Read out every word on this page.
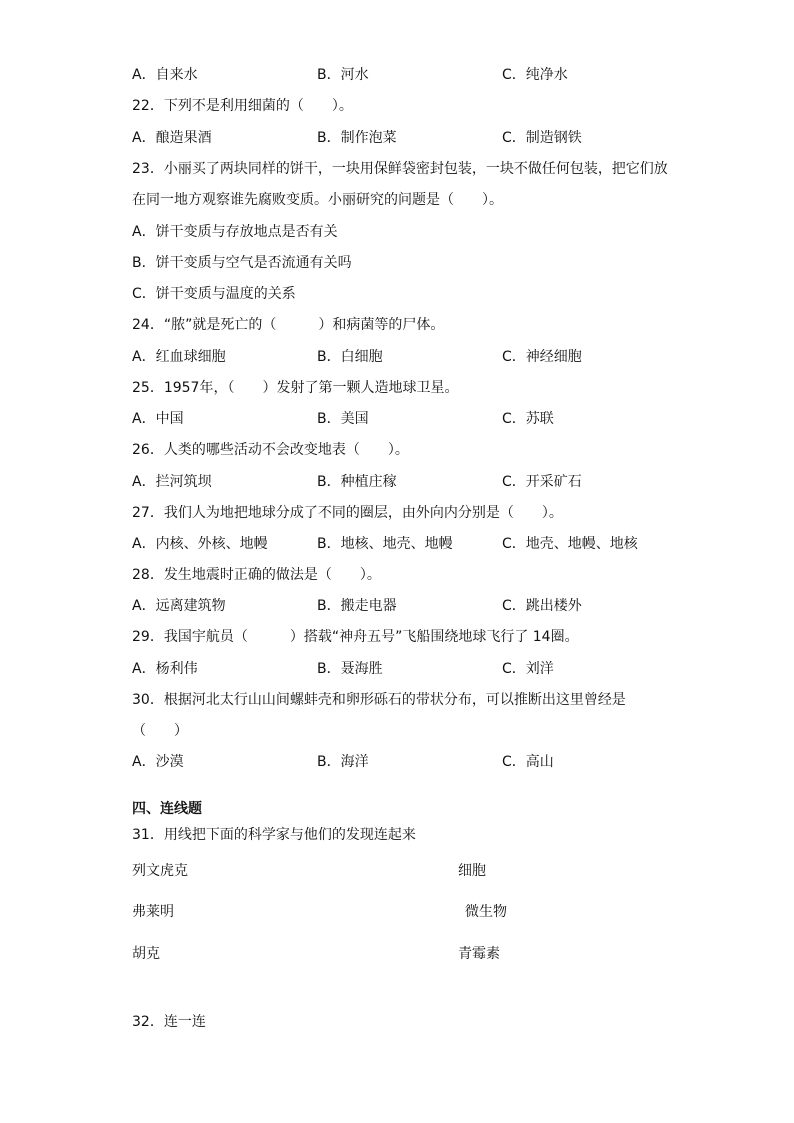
A．自来水	B．河水	C．纯净水
22．下列不是利用细菌的（　　）。
A．酿造果酒	B．制作泡菜	C．制造钢铁
23．小丽买了两块同样的饼干，一块用保鲜袋密封包装，一块不做任何包装，把它们放
在同一地方观察谁先腐败变质。小丽研究的问题是（　　）。
A．饼干变质与存放地点是否有关
B．饼干变质与空气是否流通有关吗
C．饼干变质与温度的关系
24．“脓”就是死亡的（　　　）和病菌等的尸体。
A．红血球细胞	B．白细胞	C．神经细胞
25．1957年，（　　）发射了第一颗人造地球卫星。
A．中国	B．美国	C．苏联
26．人类的哪些活动不会改变地表（　　）。
A．拦河筑坝	B．种植庄稼	C．开采矿石
27．我们人为地把地球分成了不同的圈层，由外向内分别是（　　）。
A．内核、外核、地幔	B．地核、地壳、地幔	C．地壳、地幔、地核
28．发生地震时正确的做法是（　　）。
A．远离建筑物	B．搬走电器	C．跳出楼外
29．我国宇航员（　　　）搭载“神舟五号”飞船围绕地球飞行了 14圈。
A．杨利伟	B．聂海胜	C．刘洋
30．根据河北太行山山间螺蚌壳和卵形砾石的带状分布，可以推断出这里曾经是
（　　）
A．沙漠	B．海洋	C．高山
四、连线题
31．用线把下面的科学家与他们的发现连起来
列文虎克
弗莱明
胡克
细胞
微生物
青霉素
32．连一连
